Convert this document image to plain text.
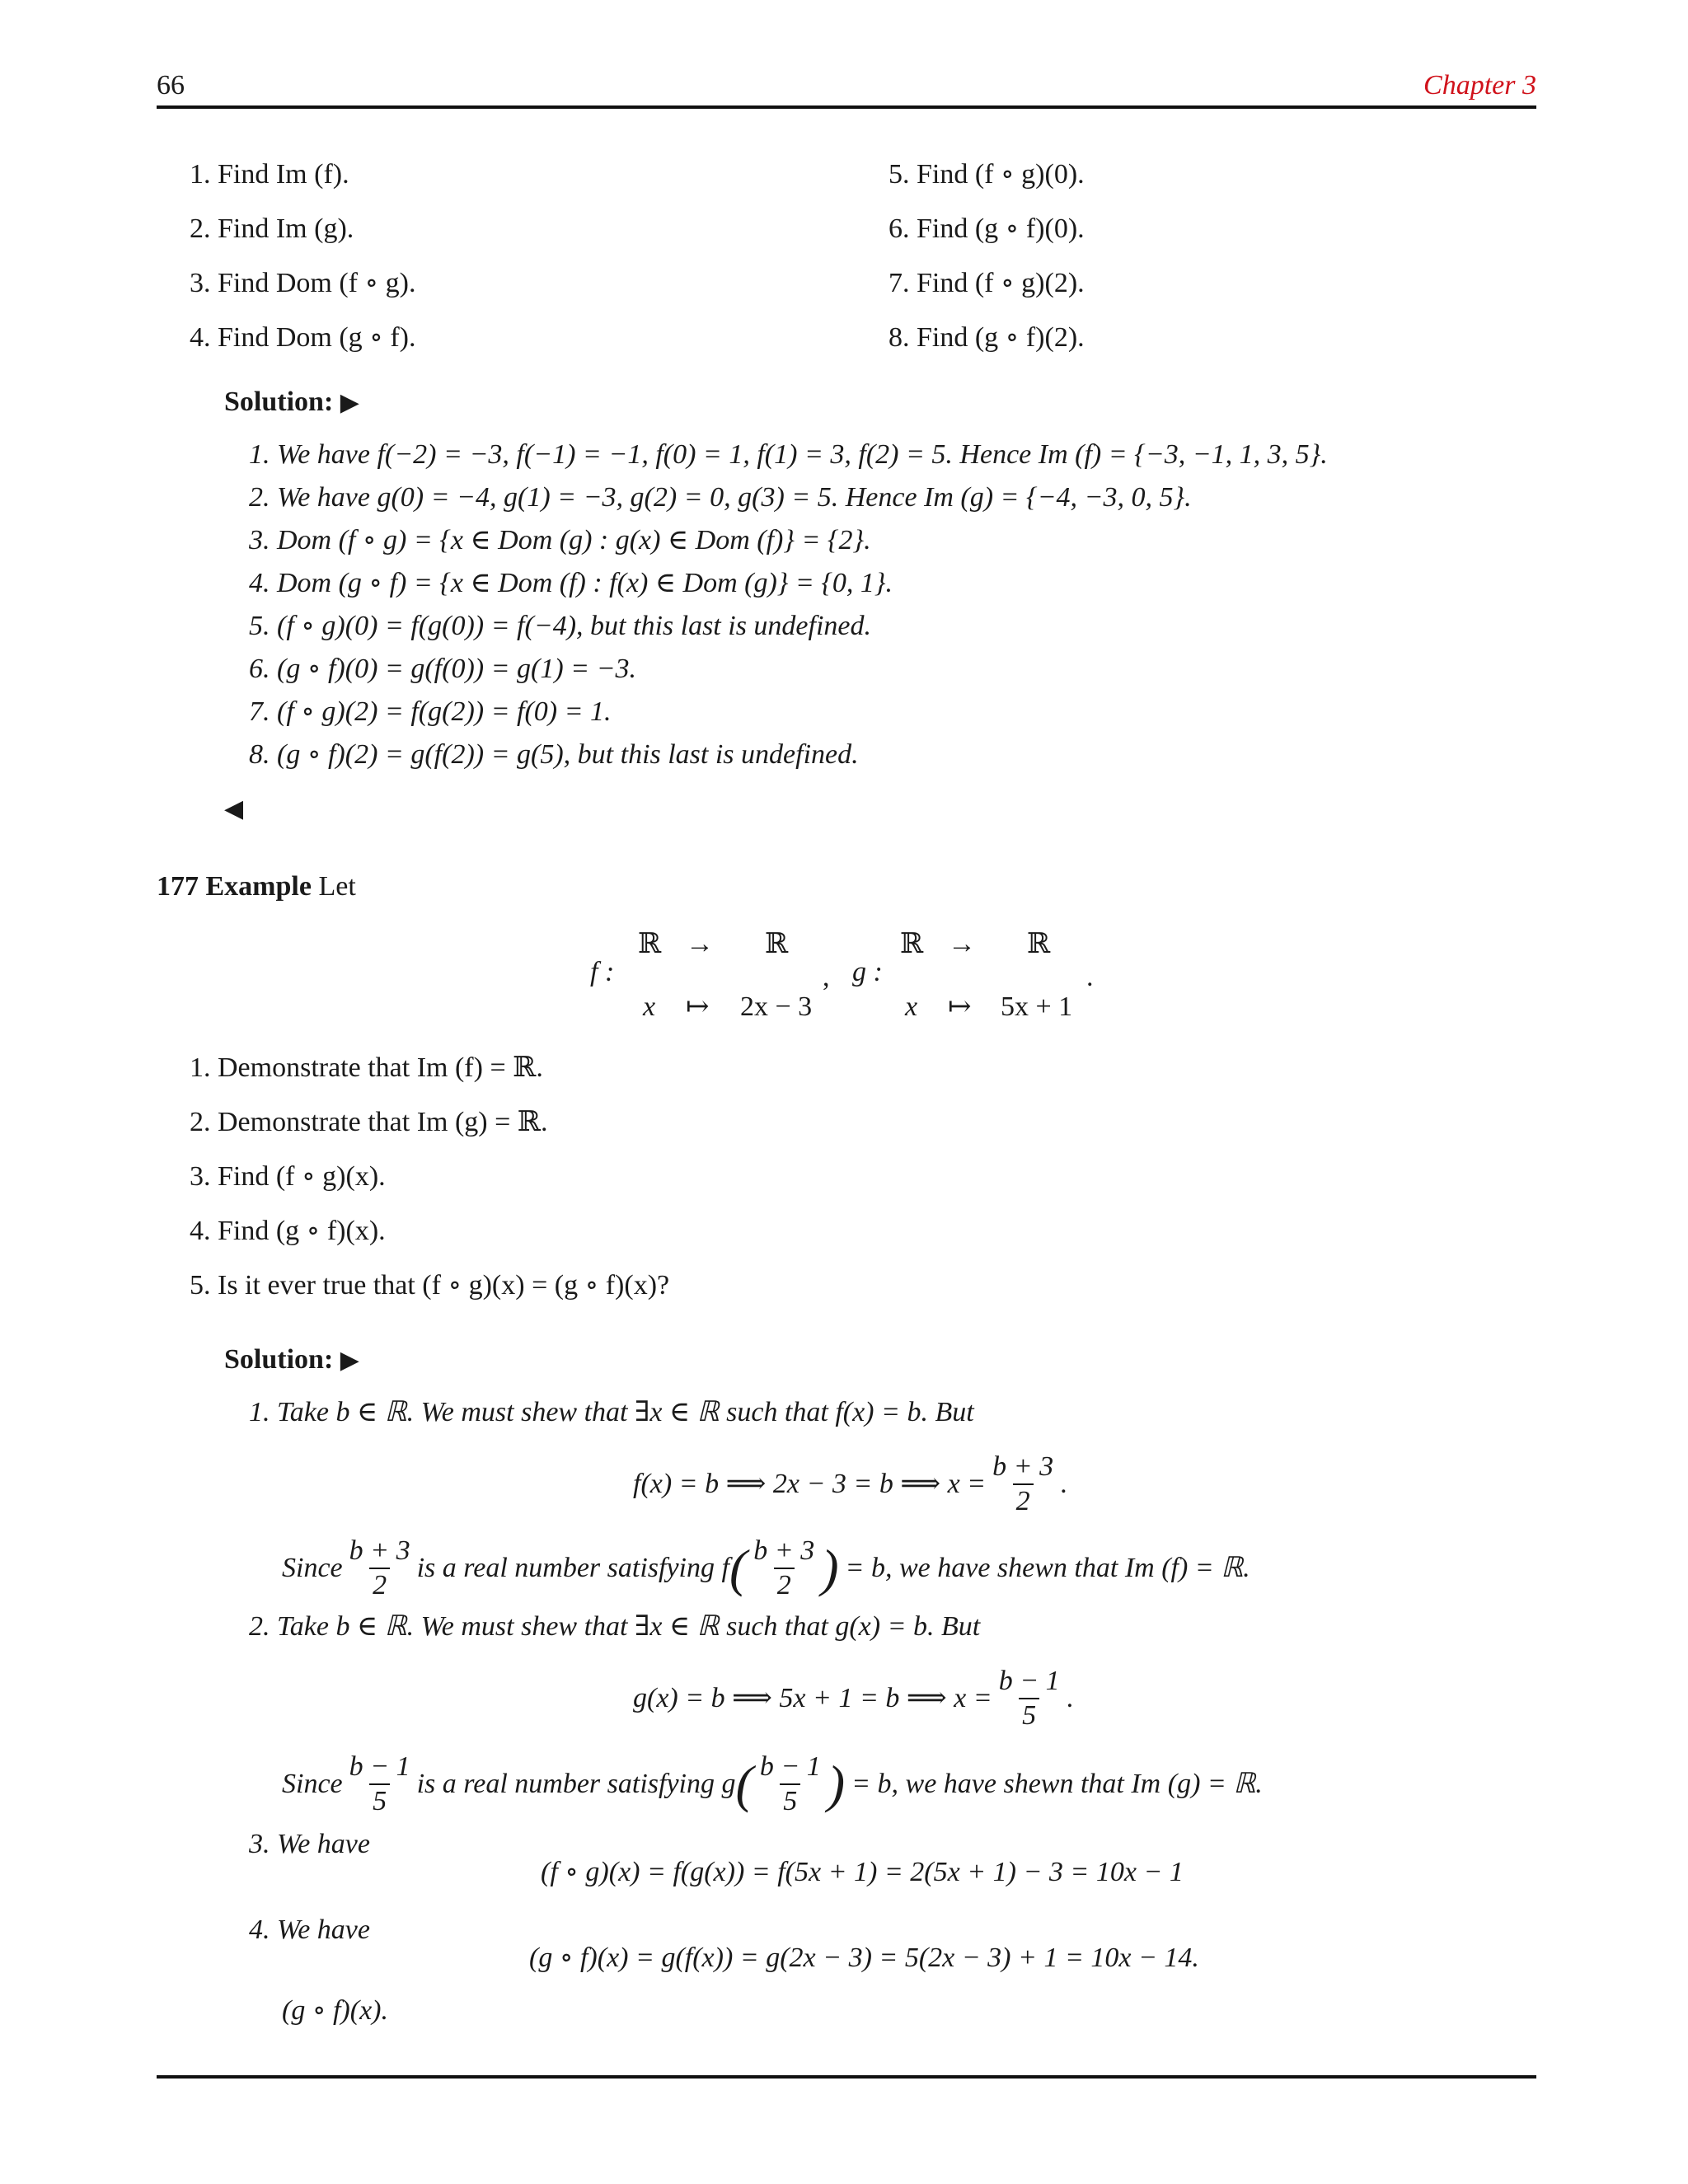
66	Chapter 3
1. Find Im (f).
2. Find Im (g).
3. Find Dom (f ∘ g).
4. Find Dom (g ∘ f).
5. Find (f ∘ g)(0).
6. Find (g ∘ f)(0).
7. Find (f ∘ g)(2).
8. Find (g ∘ f)(2).
Solution: ▶
1. We have f(−2) = −3, f(−1) = −1, f(0) = 1, f(1) = 3, f(2) = 5. Hence Im (f) = {−3, −1, 1, 3, 5}.
2. We have g(0) = −4, g(1) = −3, g(2) = 0, g(3) = 5. Hence Im (g) = {−4, −3, 0, 5}.
3. Dom (f ∘ g) = {x ∈ Dom (g) : g(x) ∈ Dom (f)} = {2}.
4. Dom (g ∘ f) = {x ∈ Dom (f) : f(x) ∈ Dom (g)} = {0, 1}.
5. (f ∘ g)(0) = f(g(0)) = f(−4), but this last is undefined.
6. (g ∘ f)(0) = g(f(0)) = g(1) = −3.
7. (f ∘ g)(2) = f(g(2)) = f(0) = 1.
8. (g ∘ f)(2) = g(f(2)) = g(5), but this last is undefined.
◀
177 Example Let
f :
ℝ → ℝ
x ↦ 2x − 3
, g :
ℝ → ℝ
x ↦ 5x + 1
.
1. Demonstrate that Im (f) = ℝ.
2. Demonstrate that Im (g) = ℝ.
3. Find (f ∘ g)(x).
4. Find (g ∘ f)(x).
5. Is it ever true that (f ∘ g)(x) = (g ∘ f)(x)?
Solution: ▶
1. Take b ∈ ℝ. We must shew that ∃x ∈ ℝ such that f(x) = b. But
f(x) = b ⟹ 2x − 3 = b ⟹ $x = \frac{b + 3}{2}$ .
Since $\frac{b + 3}{2}$ is a real number satisfying f ( $\frac{b + 3}{2}$ ) = b, we have shewn that Im (f) = ℝ.
2. Take b ∈ ℝ. We must shew that ∃x ∈ ℝ such that g(x) = b. But
g(x) = b ⟹ 5x + 1 = b ⟹ $x = \frac{b - 1}{5}$ .
Since $\frac{b - 1}{5}$ is a real number satisfying g ( $\frac{b - 1}{5}$ ) = b, we have shewn that Im (g) = ℝ.
3. We have
(f ∘ g)(x) = f(g(x)) = f(5x + 1) = 2(5x + 1) − 3 = 10x − 1
4. We have
(g ∘ f)(x) = g(f(x)) = g(2x − 3) = 5(2x − 3) + 1 = 10x − 14.
(g ∘ f)(x).
